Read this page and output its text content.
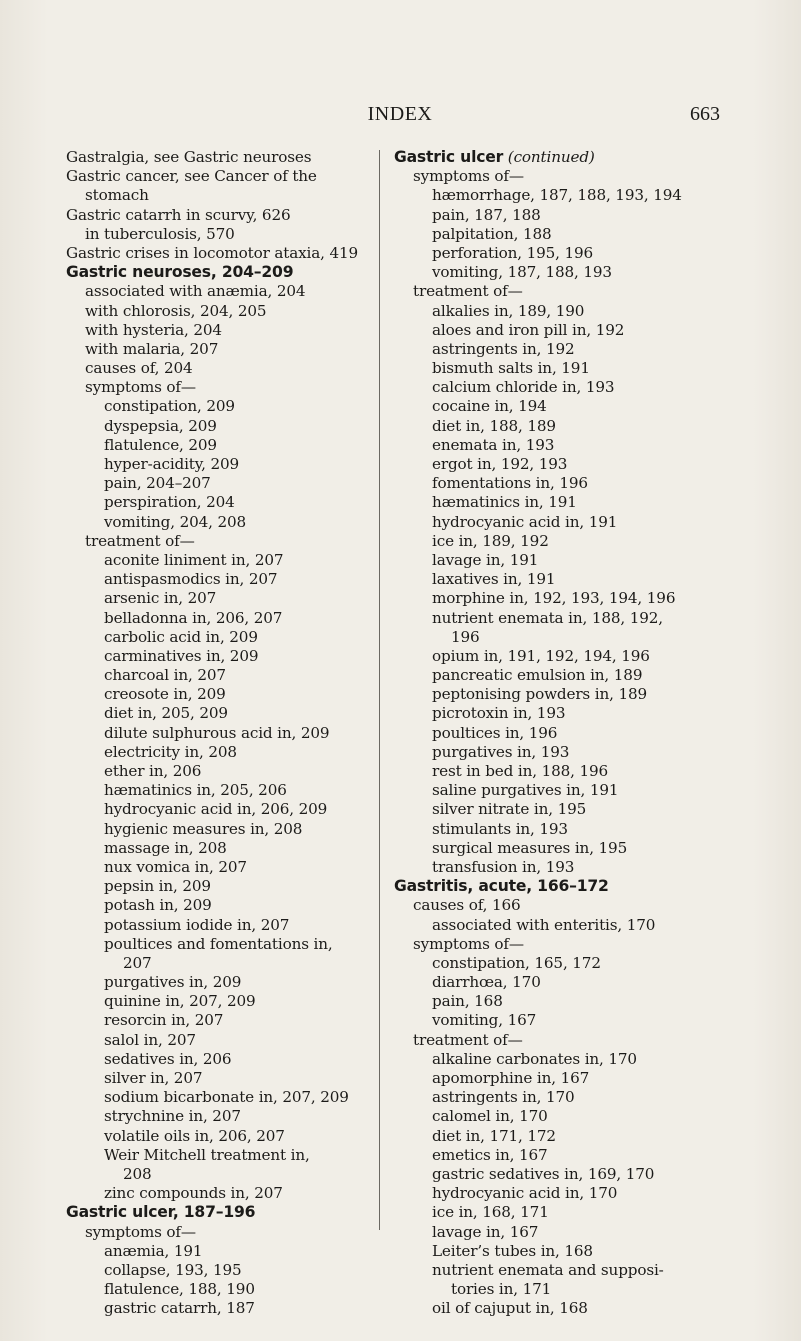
INDEX	663
Gastralgia, see Gastric neuroses
Gastric cancer, see Cancer of the
stomach
Gastric catarrh in scurvy, 626
in tuberculosis, 570
Gastric crises in locomotor ataxia, 419
Gastric neuroses, 204–209
associated with anæmia, 204
with chlorosis, 204, 205
with hysteria, 204
with malaria, 207
causes of, 204
symptoms of—
constipation, 209
dyspepsia, 209
flatulence, 209
hyper-acidity, 209
pain, 204–207
perspiration, 204
vomiting, 204, 208
treatment of—
aconite liniment in, 207
antispasmodics in, 207
arsenic in, 207
belladonna in, 206, 207
carbolic acid in, 209
carminatives in, 209
charcoal in, 207
creosote in, 209
diet in, 205, 209
dilute sulphurous acid in, 209
electricity in, 208
ether in, 206
hæmatinics in, 205, 206
hydrocyanic acid in, 206, 209
hygienic measures in, 208
massage in, 208
nux vomica in, 207
pepsin in, 209
potash in, 209
potassium iodide in, 207
poultices and fomentations in,
207
purgatives in, 209
quinine in, 207, 209
resorcin in, 207
salol in, 207
sedatives in, 206
silver in, 207
sodium bicarbonate in, 207, 209
strychnine in, 207
volatile oils in, 206, 207
Weir Mitchell treatment in,
208
zinc compounds in, 207
Gastric ulcer, 187–196
symptoms of—
anæmia, 191
collapse, 193, 195
flatulence, 188, 190
gastric catarrh, 187
Gastric ulcer (continued)
symptoms of—
hæmorrhage, 187, 188, 193, 194
pain, 187, 188
palpitation, 188
perforation, 195, 196
vomiting, 187, 188, 193
treatment of—
alkalies in, 189, 190
aloes and iron pill in, 192
astringents in, 192
bismuth salts in, 191
calcium chloride in, 193
cocaine in, 194
diet in, 188, 189
enemata in, 193
ergot in, 192, 193
fomentations in, 196
hæmatinics in, 191
hydrocyanic acid in, 191
ice in, 189, 192
lavage in, 191
laxatives in, 191
morphine in, 192, 193, 194, 196
nutrient enemata in, 188, 192,
196
opium in, 191, 192, 194, 196
pancreatic emulsion in, 189
peptonising powders in, 189
picrotoxin in, 193
poultices in, 196
purgatives in, 193
rest in bed in, 188, 196
saline purgatives in, 191
silver nitrate in, 195
stimulants in, 193
surgical measures in, 195
transfusion in, 193
Gastritis, acute, 166–172
causes of, 166
associated with enteritis, 170
symptoms of—
constipation, 165, 172
diarrhœa, 170
pain, 168
vomiting, 167
treatment of—
alkaline carbonates in, 170
apomorphine in, 167
astringents in, 170
calomel in, 170
diet in, 171, 172
emetics in, 167
gastric sedatives in, 169, 170
hydrocyanic acid in, 170
ice in, 168, 171
lavage in, 167
Leiter’s tubes in, 168
nutrient enemata and supposi-
tories in, 171
oil of cajuput in, 168
